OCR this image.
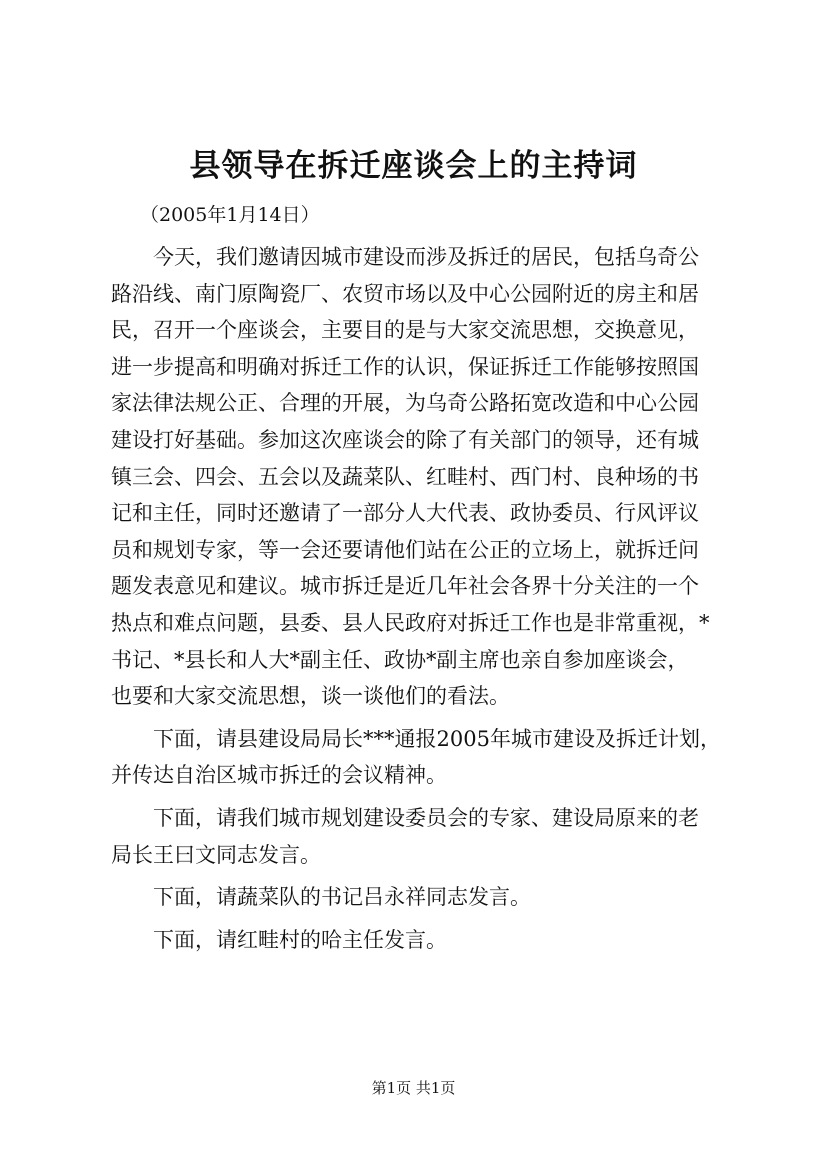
县领导在拆迁座谈会上的主持词
（2005年1月14日）
今天，我们邀请因城市建设而涉及拆迁的居民，包括乌奇公
路沿线、南门原陶瓷厂、农贸市场以及中心公园附近的房主和居
民，召开一个座谈会，主要目的是与大家交流思想，交换意见，
进一步提高和明确对拆迁工作的认识，保证拆迁工作能够按照国
家法律法规公正、合理的开展，为乌奇公路拓宽改造和中心公园
建设打好基础。参加这次座谈会的除了有关部门的领导，还有城
镇三会、四会、五会以及蔬菜队、红畦村、西门村、良种场的书
记和主任，同时还邀请了一部分人大代表、政协委员、行风评议
员和规划专家，等一会还要请他们站在公正的立场上，就拆迁问
题发表意见和建议。城市拆迁是近几年社会各界十分关注的一个
热点和难点问题，县委、县人民政府对拆迁工作也是非常重视，*
书记、*县长和人大*副主任、政协*副主席也亲自参加座谈会，
也要和大家交流思想，谈一谈他们的看法。
下面，请县建设局局长***通报2005年城市建设及拆迁计划，
并传达自治区城市拆迁的会议精神。
下面，请我们城市规划建设委员会的专家、建设局原来的老
局长王曰文同志发言。
下面，请蔬菜队的书记吕永祥同志发言。
下面，请红畦村的哈主任发言。
第1页 共1页
